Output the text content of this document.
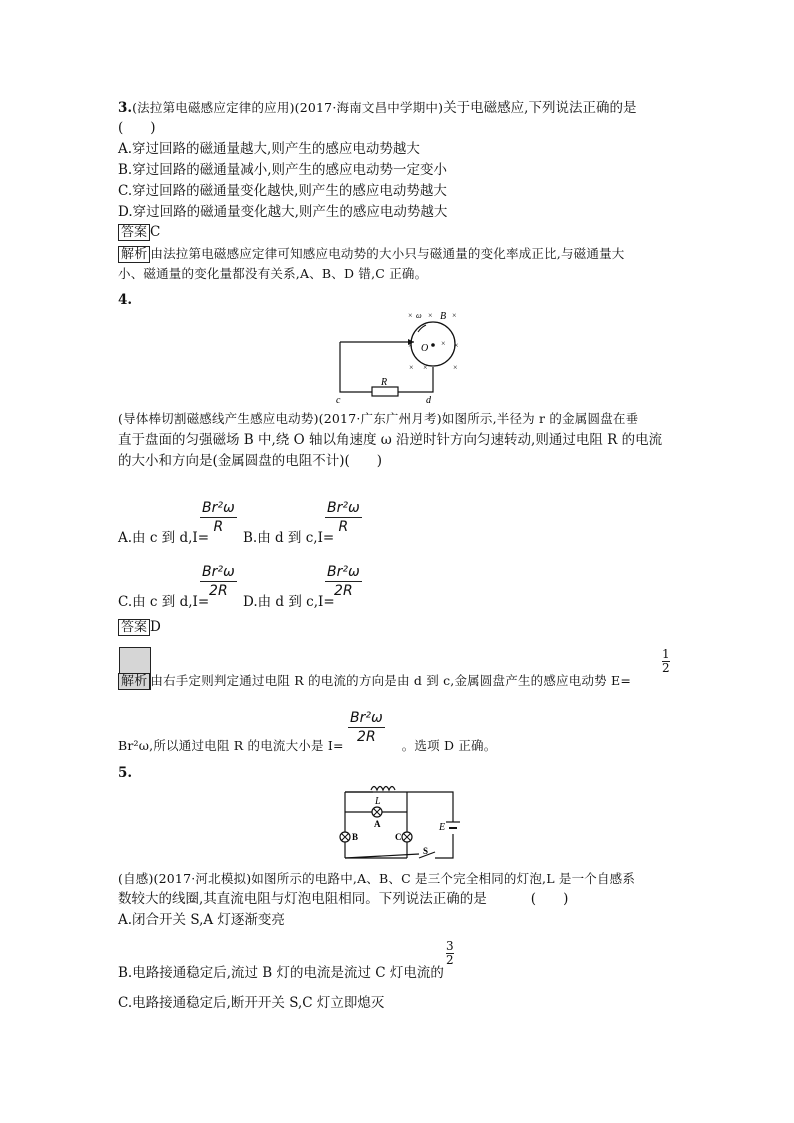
3.(法拉第电磁感应定律的应用)(2017·海南文昌中学期中)关于电磁感应,下列说法正确的是
(　　)
A.穿过回路的磁通量越大,则产生的感应电动势越大
B.穿过回路的磁通量减小,则产生的感应电动势一定变小
C.穿过回路的磁通量变化越快,则产生的感应电动势越大
D.穿过回路的磁通量变化越大,则产生的感应电动势越大
答案 C
解析 由法拉第电磁感应定律可知感应电动势的大小只与磁通量的变化率成正比,与磁通量大
小、磁通量的变化量都没有关系,A、B、D 错,C 正确。
4.
× × ×
×	× ×
× ×	×
ω B
O
R
c	d
(导体棒切割磁感线产生感应电动势)(2017·广东广州月考)如图所示,半径为 r 的金属圆盘在垂
直于盘面的匀强磁场 B 中,绕 O 轴以角速度 ω 沿逆时针方向匀速转动,则通过电阻 R 的电流
的大小和方向是(金属圆盘的电阻不计)(　　)
A.由 c 到 d,I=
$\frac{\text{Br²ω}}{R}$
B.由 d 到 c,I=
$\frac{\text{Br²ω}}{R}$
C.由 c 到 d,I=
$\frac{\text{Br²ω}}{2R}$
D.由 d 到 c,I=
$\frac{\text{Br²ω}}{2R}$
答案 D
解析 由右手定则判定通过电阻 R 的电流的方向是由 d 到 c,金属圆盘产生的感应电动势 E=
$\frac{1}{2}$
$\frac{\text{Br²ω}}{2R}$
Br²ω,所以通过电阻 R 的电流大小是 I=	。选项 D 正确。
5.
L
A
B	C
E
S
(自感)(2017·河北模拟)如图所示的电路中,A、B、C 是三个完全相同的灯泡,L 是一个自感系
数较大的线圈,其直流电阻与灯泡电阻相同。下列说法正确的是	(　　)
A.闭合开关 S,A 灯逐渐变亮
B.电路接通稳定后,流过 B 灯的电流是流过 C 灯电流的
$\frac{3}{2}$
C.电路接通稳定后,断开开关 S,C 灯立即熄灭
